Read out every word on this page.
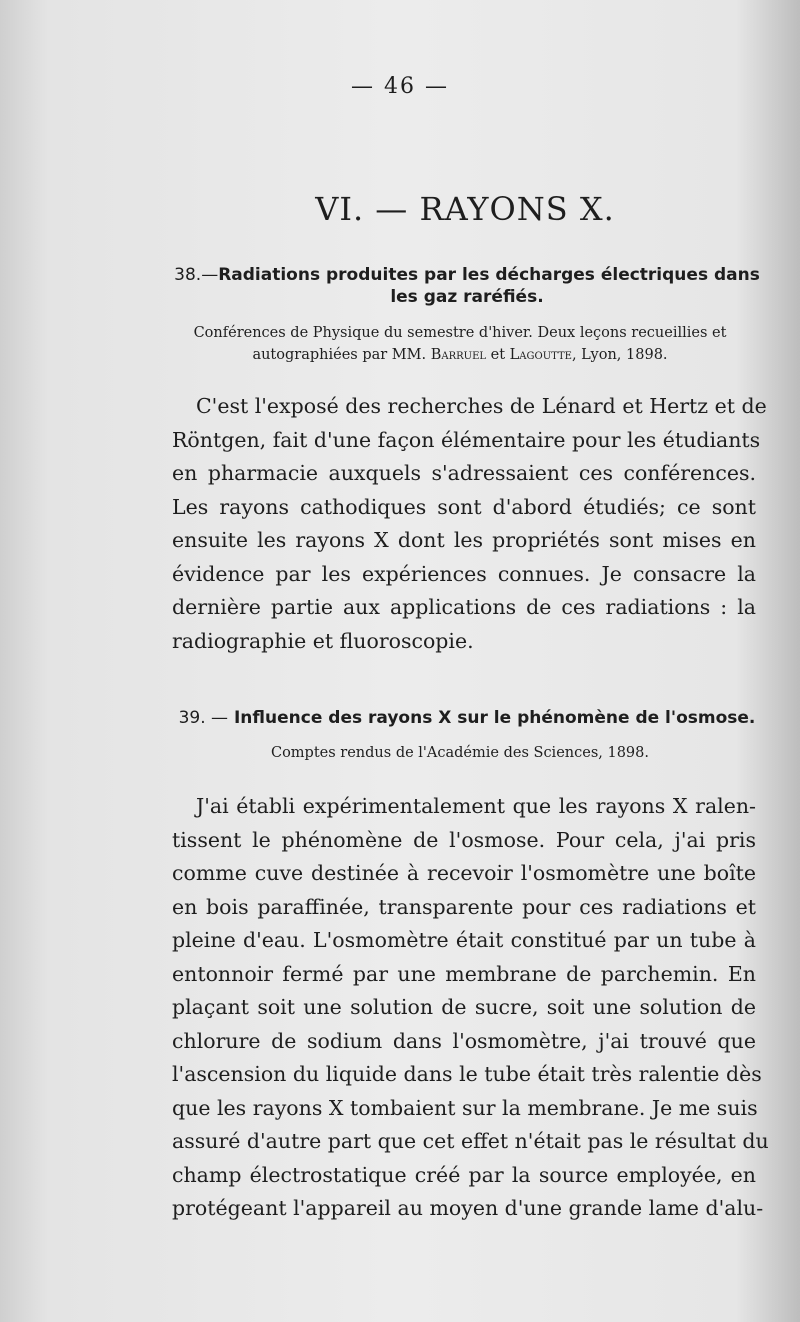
— 46 —
VI. — RAYONS X.
38.—Radiations produites par les décharges électriques dans
les gaz raréfiés.
Conférences de Physique du semestre d'hiver. Deux leçons recueillies et
autographiées par MM. Barruel et Lagoutte, Lyon, 1898.
C'est l'exposé des recherches de Lénard et Hertz et de
Röntgen, fait d'une façon élémentaire pour les étudiants
en pharmacie auxquels s'adressaient ces conférences.
Les rayons cathodiques sont d'abord étudiés; ce sont
ensuite les rayons X dont les propriétés sont mises en
évidence par les expériences connues. Je consacre la
dernière partie aux applications de ces radiations : la
radiographie et fluoroscopie.
39. — Influence des rayons X sur le phénomène de l'osmose.
Comptes rendus de l'Académie des Sciences, 1898.
J'ai établi expérimentalement que les rayons X ralen-
tissent le phénomène de l'osmose. Pour cela, j'ai pris
comme cuve destinée à recevoir l'osmomètre une boîte
en bois paraffinée, transparente pour ces radiations et
pleine d'eau. L'osmomètre était constitué par un tube à
entonnoir fermé par une membrane de parchemin. En
plaçant soit une solution de sucre, soit une solution de
chlorure de sodium dans l'osmomètre, j'ai trouvé que
l'ascension du liquide dans le tube était très ralentie dès
que les rayons X tombaient sur la membrane. Je me suis
assuré d'autre part que cet effet n'était pas le résultat du
champ électrostatique créé par la source employée, en
protégeant l'appareil au moyen d'une grande lame d'alu-
